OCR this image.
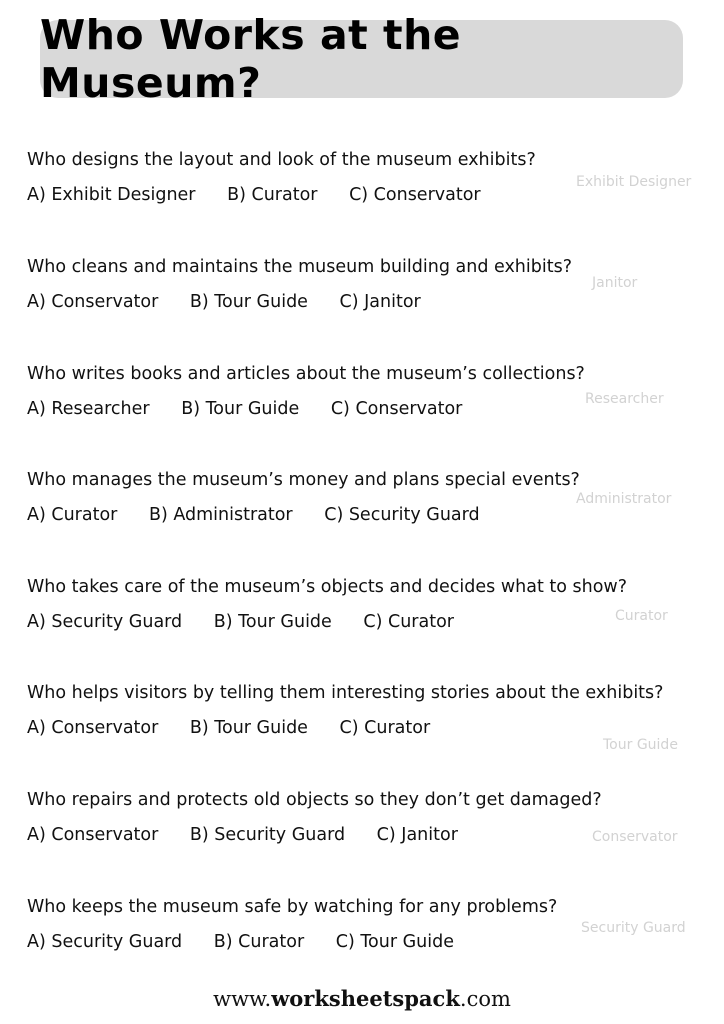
Who Works at the Museum?
Who designs the layout and look of the museum exhibits?
A) Exhibit Designer B) Curator C) Conservator
Exhibit Designer
Who cleans and maintains the museum building and exhibits?
A) Conservator B) Tour Guide C) Janitor
Janitor
Who writes books and articles about the museum’s collections?
A) Researcher B) Tour Guide C) Conservator	Researcher
Who manages the museum’s money and plans special events?
A) Curator B) Administrator C) Security Guard
Administrator
Who takes care of the museum’s objects and decides what to show?
A) Security Guard B) Tour Guide C) Curator	Curator
Who helps visitors by telling them interesting stories about the exhibits?
A) Conservator B) Tour Guide C) Curator
Tour Guide
Who repairs and protects old objects so they don’t get damaged?
A) Conservator B) Security Guard C) Janitor	Conservator
Who keeps the museum safe by watching for any problems?
A) Security Guard B) Curator C) Tour Guide
Security Guard
www.worksheetspack.com
